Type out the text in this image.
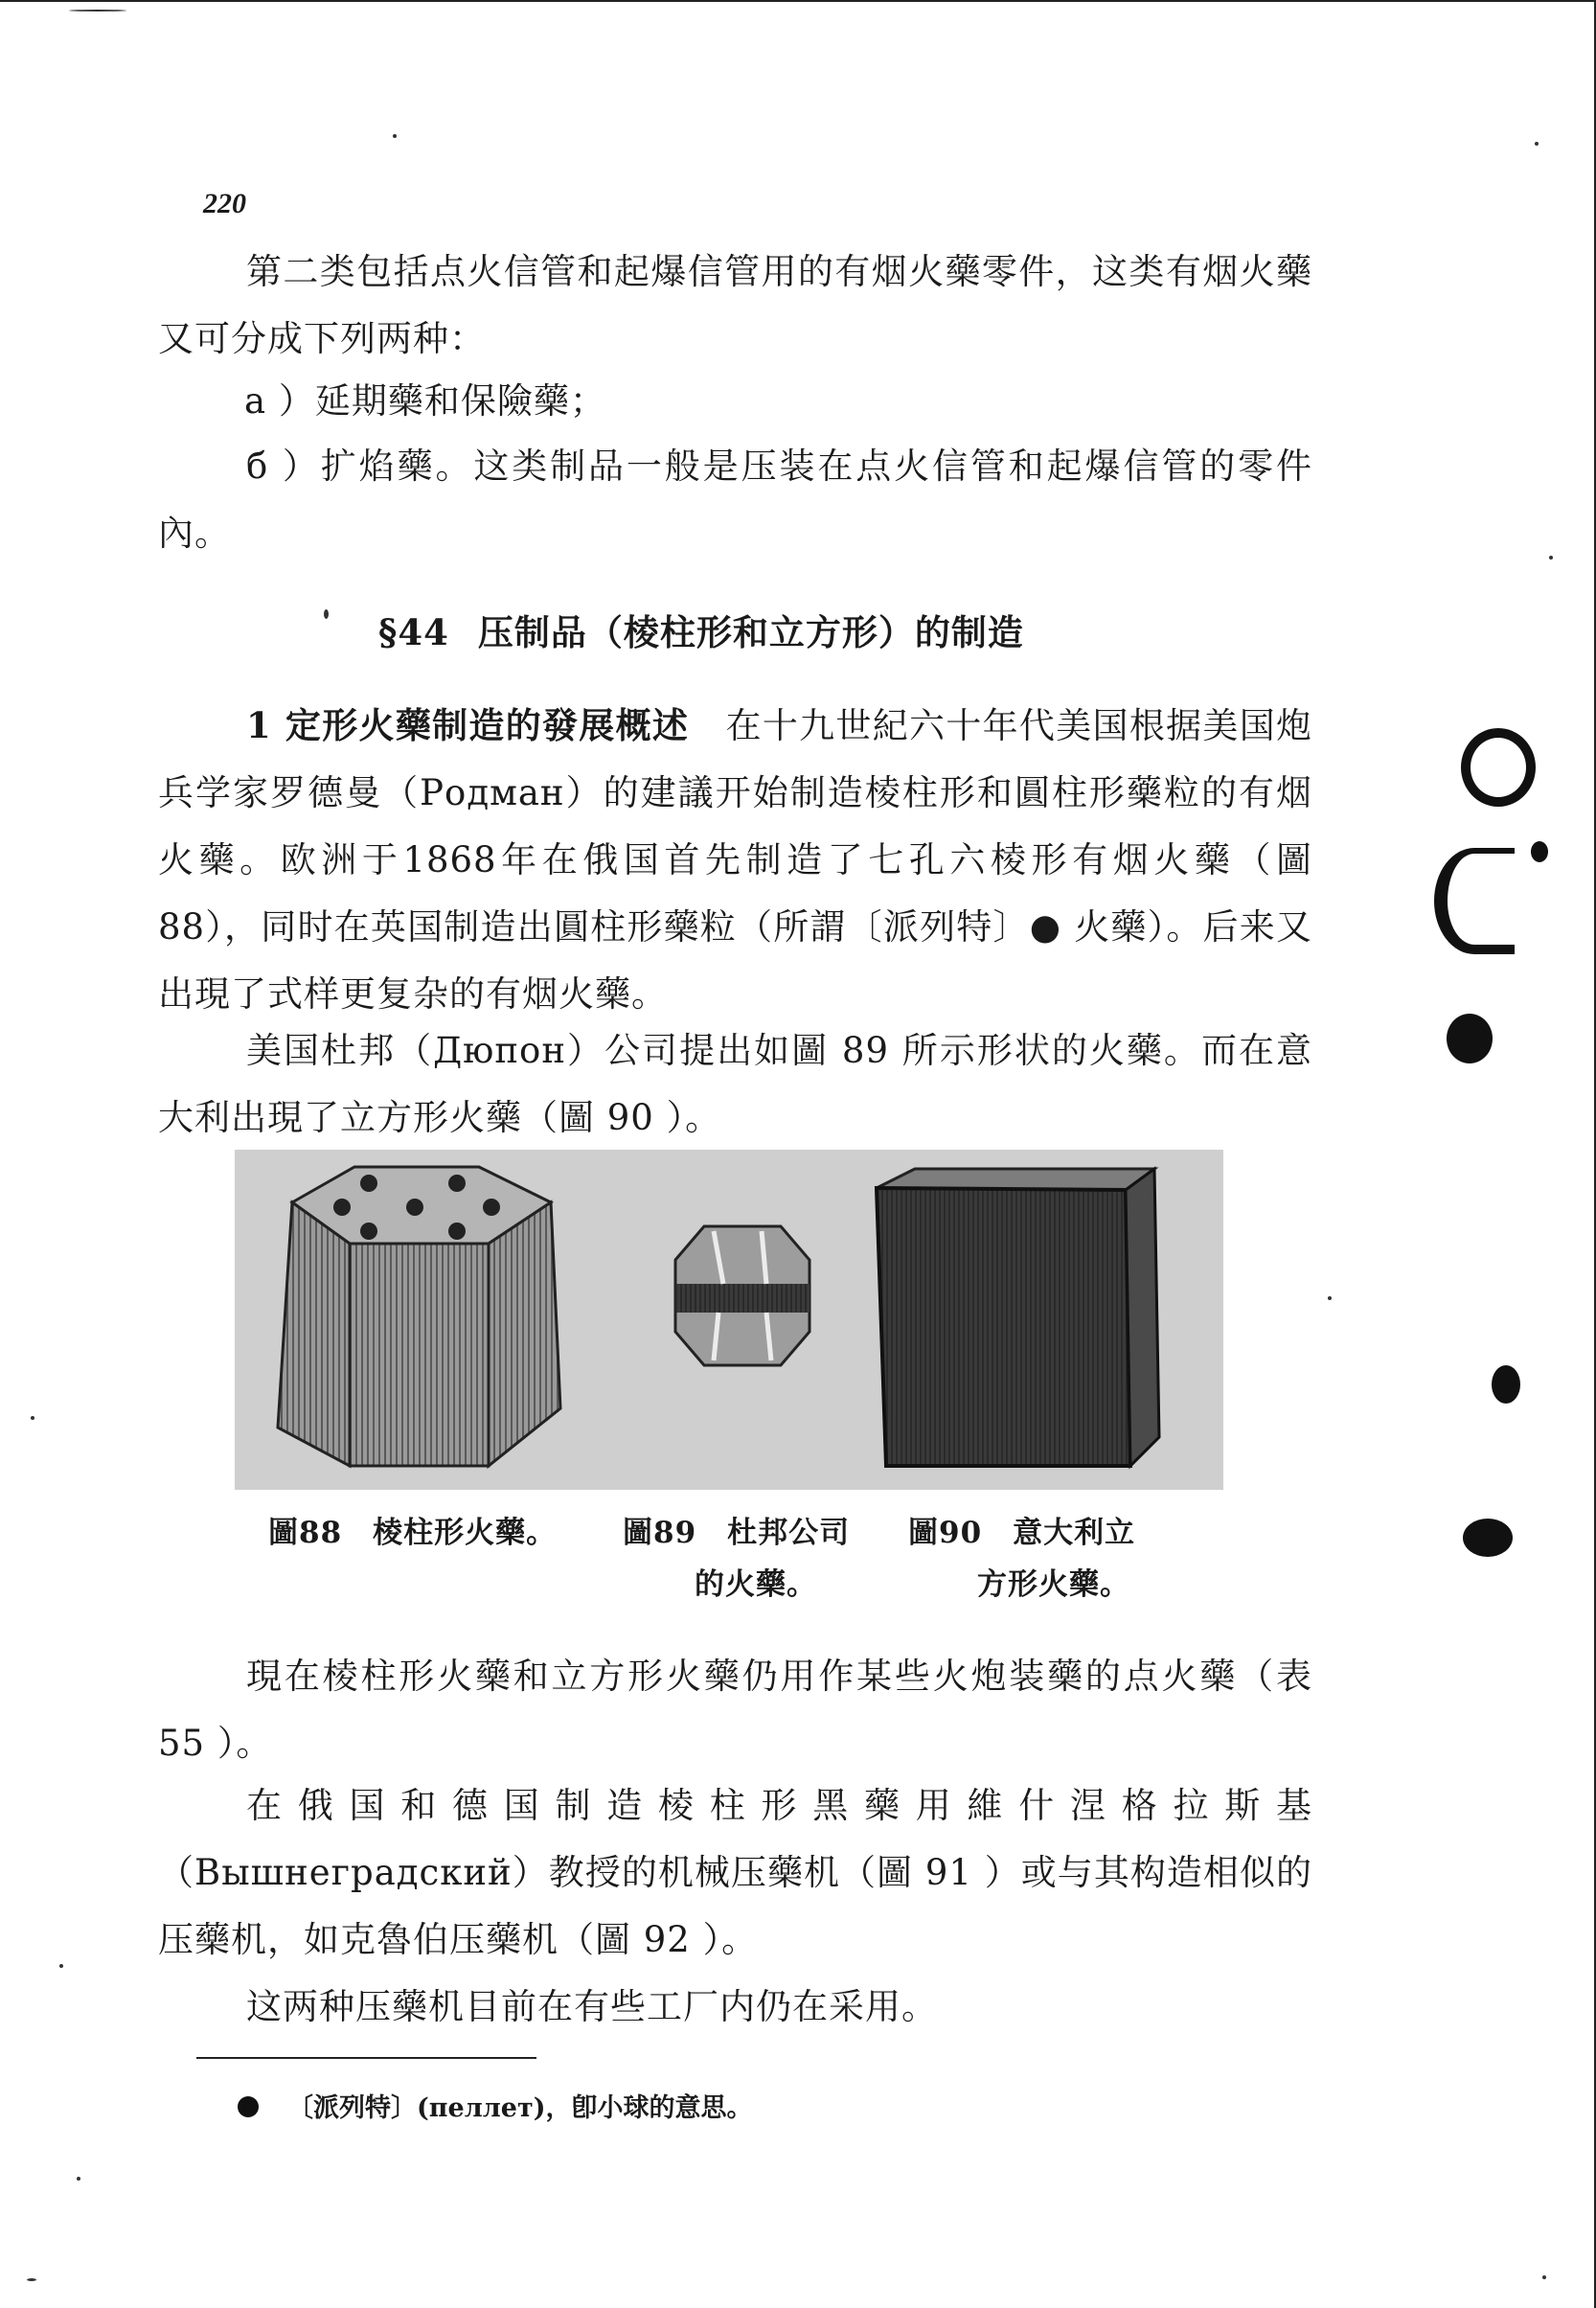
220

第二类包括点火信管和起爆信管用的有烟火藥零件，这类有烟火藥又可分成下列两种：

а ）延期藥和保險藥；

б ）扩焰藥。这类制品一般是压装在点火信管和起爆信管的零件內。

§44 压制品（棱柱形和立方形）的制造

1 定形火藥制造的發展概述　 在十九世紀六十年代美国根据美国炮兵学家罗德曼（Родман）的建議开始制造棱柱形和圓柱形藥粒的有烟火藥。欧洲于1868年在俄国首先制造了七孔六棱形有烟火藥（圖 88），同时在英国制造出圓柱形藥粒（所謂〔派列特〕● 火藥）。后来又出現了式样更复杂的有烟火藥。

美国杜邦（Дюпон）公司提出如圖 89 所示形状的火藥。而在意大利出現了立方形火藥（圖 90 ）。

圖88　棱柱形火藥。 圖89　杜邦公司
的火藥。
圖90　意大利立
方形火藥。

現在棱柱形火藥和立方形火藥仍用作某些火炮装藥的点火藥（表 55 ）。

在俄国和德国制造棱柱形黑藥用維什涅格拉斯基（Вышнеградский）教授的机械压藥机（圖 91 ）或与其构造相似的压藥机，如克魯伯压藥机（圖 92 ）。

这两种压藥机目前在有些工厂内仍在采用。

〔派列特〕(пеллет)，卽小球的意思。
